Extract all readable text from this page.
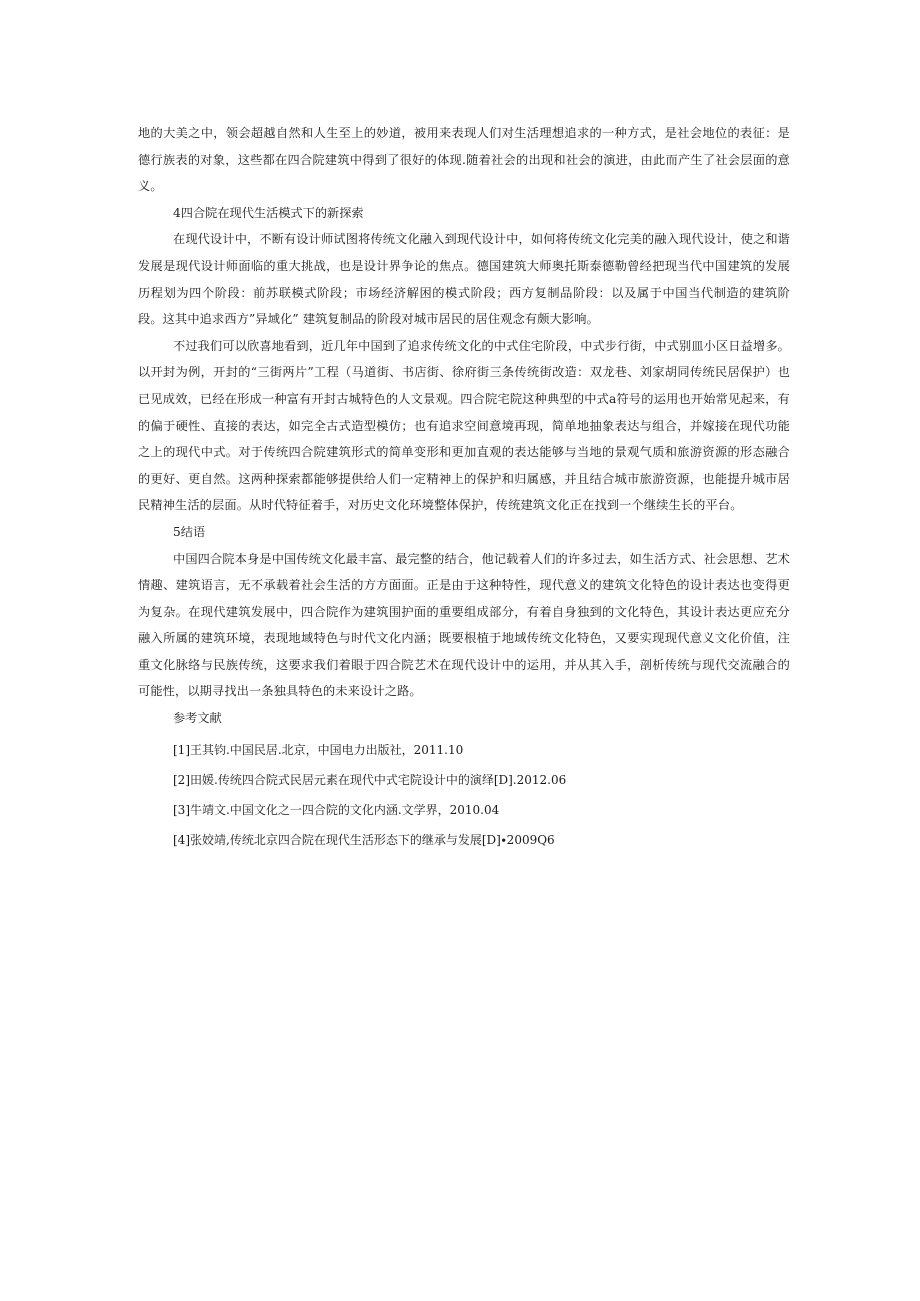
地的大美之中，领会超越自然和人生至上的妙道，被用来表现人们对生活理想追求的一种方式，是社会地位的表征：是德行族表的对象，这些都在四合院建筑中得到了很好的体现.随着社会的出现和社会的演进，由此而产生了社会层面的意义。

4四合院在现代生活模式下的新探索

在现代设计中，不断有设计师试图将传统文化融入到现代设计中，如何将传统文化完美的融入现代设计，使之和谐发展是现代设计师面临的重大挑战，也是设计界争论的焦点。德国建筑大师奥托斯泰德勒曾经把现当代中国建筑的发展历程划为四个阶段：前苏联模式阶段；市场经济解困的模式阶段；西方复制品阶段：以及属于中国当代制造的建筑阶段。这其中追求西方”异域化” 建筑复制品的阶段对城市居民的居住观念有颇大影响。

不过我们可以欣喜地看到，近几年中国到了追求传统文化的中式住宅阶段，中式步行街，中式别皿小区日益增多。以开封为例，开封的“三街两片”工程（马道街、书店街、徐府街三条传统街改造：双龙巷、刘家胡同传统民居保护）也已见成效，已经在形成一种富有开封古城特色的人文景观。四合院宅院这种典型的中式a符号的运用也开始常见起来，有的偏于硬性、直接的表达，如完全古式造型模仿；也有追求空间意境再现，简单地抽象表达与组合，并嫁接在现代功能之上的现代中式。对于传统四合院建筑形式的简单变形和更加直观的表达能够与当地的景观气质和旅游资源的形态融合的更好、更自然。这两种探索都能够提供给人们一定精神上的保护和归属感，并且结合城市旅游资源，也能提升城市居民精神生活的层面。从时代特征着手，对历史文化环境整体保护，传统建筑文化正在找到一个继续生长的平台。

5结语

中国四合院本身是中国传统文化最丰富、最完整的结合，他记载着人们的许多过去，如生活方式、社会思想、艺术情趣、建筑语言，无不承载着社会生活的方方面面。正是由于这种特性，现代意义的建筑文化特色的设计表达也变得更为复杂。在现代建筑发展中，四合院作为建筑围护面的重要组成部分，有着自身独到的文化特色，其设计表达更应充分融入所属的建筑环境，表现地域特色与时代文化内涵；既要根植于地域传统文化特色，又要实现现代意义文化价值，注重文化脉络与民族传统，这要求我们着眼于四合院艺术在现代设计中的运用，并从其入手，剖析传统与现代交流融合的可能性，以期寻找出一条独具特色的未来设计之路。

参考文献

[1]王其钧.中国民居.北京，中国电力出版社，2011.10

[2]田媛.传统四合院式民居元素在现代中式宅院设计中的演绎[D].2012.06

[3]牛靖文.中国文化之一四合院的文化内涵.文学界，2010.04

[4]张姣靖,传统北京四合院在现代生活形态下的继承与发展[D]∙2009Q6
